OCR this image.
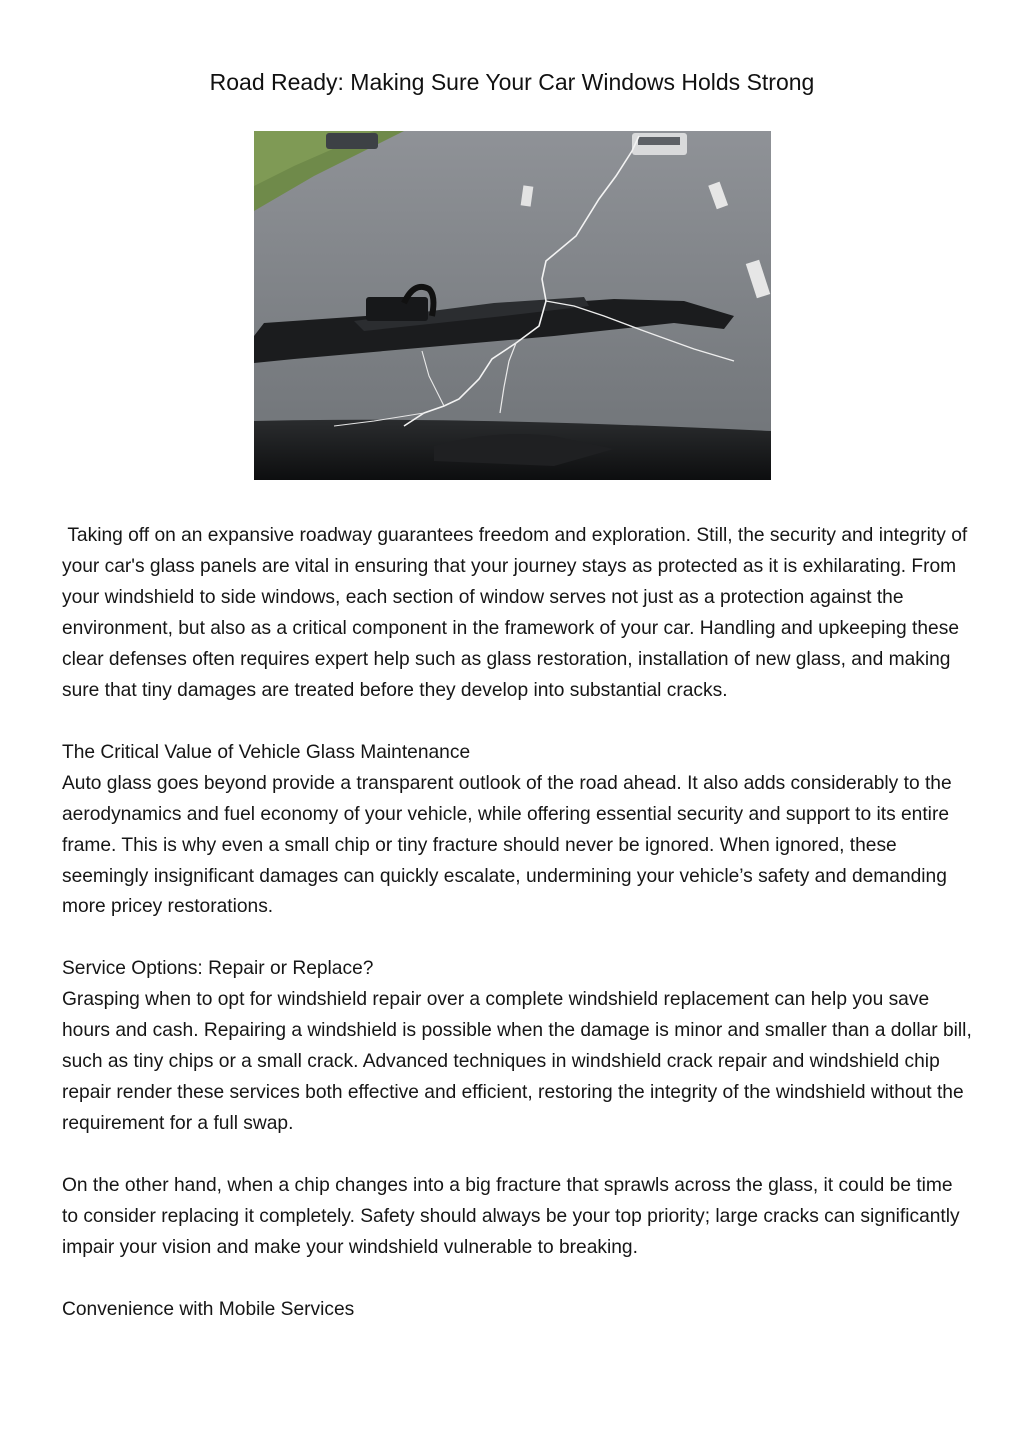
Road Ready: Making Sure Your Car Windows Holds Strong

Taking off on an expansive roadway guarantees freedom and exploration. Still, the security and integrity of your car's glass panels are vital in ensuring that your journey stays as protected as it is exhilarating. From your windshield to side windows, each section of window serves not just as a protection against the environment, but also as a critical component in the framework of your car. Handling and upkeeping these clear defenses often requires expert help such as glass restoration, installation of new glass, and making sure that tiny damages are treated before they develop into substantial cracks.

The Critical Value of Vehicle Glass Maintenance
Auto glass goes beyond provide a transparent outlook of the road ahead. It also adds considerably to the aerodynamics and fuel economy of your vehicle, while offering essential security and support to its entire frame. This is why even a small chip or tiny fracture should never be ignored. When ignored, these seemingly insignificant damages can quickly escalate, undermining your vehicle’s safety and demanding more pricey restorations.

Service Options: Repair or Replace?
Grasping when to opt for windshield repair over a complete windshield replacement can help you save hours and cash. Repairing a windshield is possible when the damage is minor and smaller than a dollar bill, such as tiny chips or a small crack. Advanced techniques in windshield crack repair and windshield chip repair render these services both effective and efficient, restoring the integrity of the windshield without the requirement for a full swap.

On the other hand, when a chip changes into a big fracture that sprawls across the glass, it could be time to consider replacing it completely. Safety should always be your top priority; large cracks can significantly impair your vision and make your windshield vulnerable to breaking.

Convenience with Mobile Services
